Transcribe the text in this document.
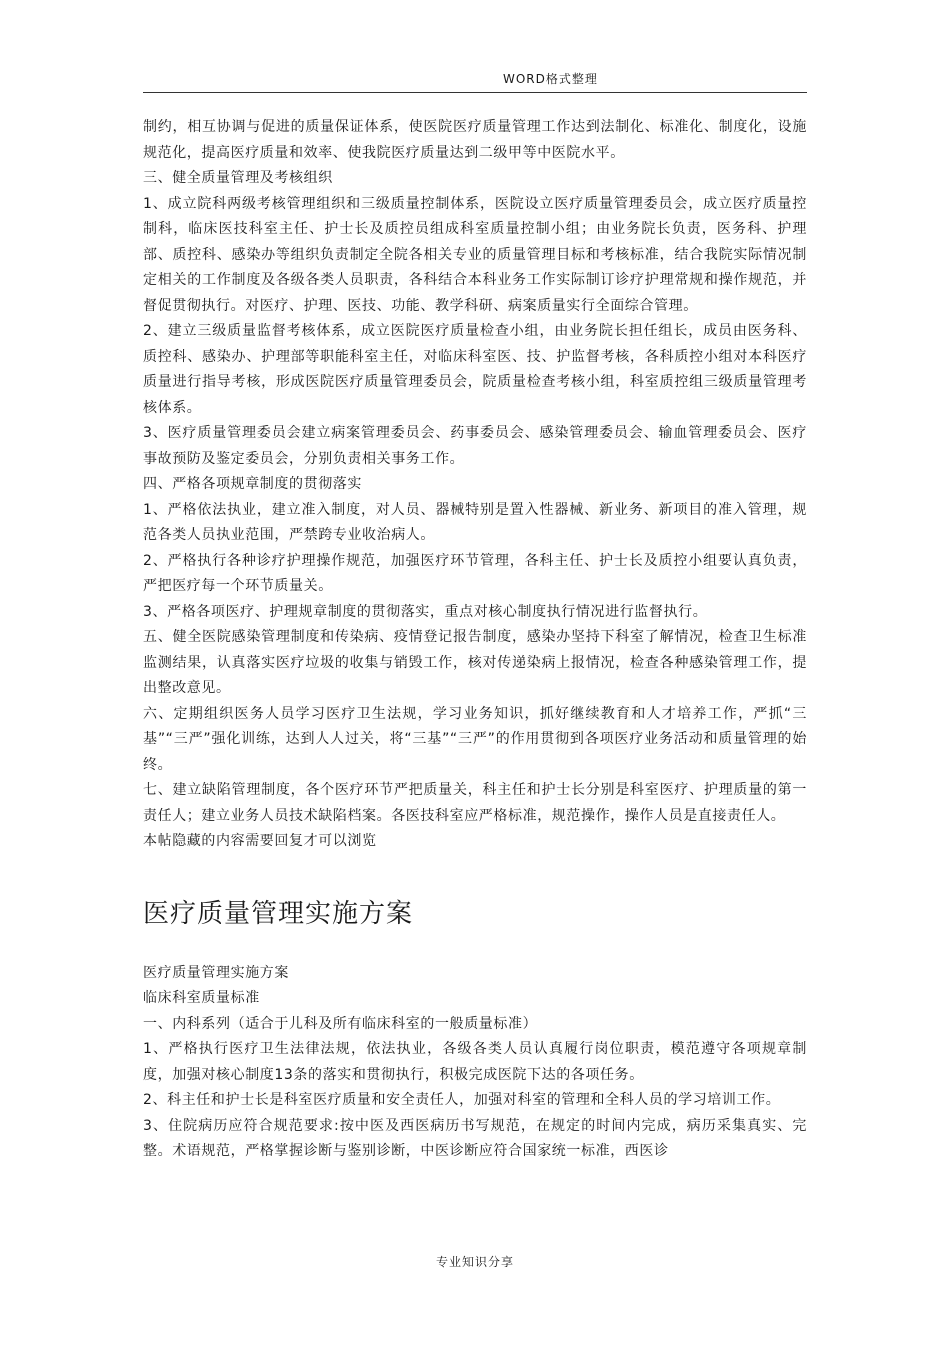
WORD格式整理

制约，相互协调与促进的质量保证体系，使医院医疗质量管理工作达到法制化、标准化、制度化，设施规范化，提高医疗质量和效率、使我院医疗质量达到二级甲等中医院水平。

三、健全质量管理及考核组织

1、成立院科两级考核管理组织和三级质量控制体系，医院设立医疗质量管理委员会，成立医疗质量控制科，临床医技科室主任、护士长及质控员组成科室质量控制小组；由业务院长负责，医务科、护理部、质控科、感染办等组织负责制定全院各相关专业的质量管理目标和考核标准，结合我院实际情况制定相关的工作制度及各级各类人员职责，各科结合本科业务工作实际制订诊疗护理常规和操作规范，并督促贯彻执行。对医疗、护理、医技、功能、教学科研、病案质量实行全面综合管理。

2、建立三级质量监督考核体系，成立医院医疗质量检查小组，由业务院长担任组长，成员由医务科、质控科、感染办、护理部等职能科室主任，对临床科室医、技、护监督考核，各科质控小组对本科医疗质量进行指导考核，形成医院医疗质量管理委员会，院质量检查考核小组，科室质控组三级质量管理考核体系。

3、医疗质量管理委员会建立病案管理委员会、药事委员会、感染管理委员会、输血管理委员会、医疗事故预防及鉴定委员会，分别负责相关事务工作。

四、严格各项规章制度的贯彻落实

1、严格依法执业，建立准入制度，对人员、器械特别是置入性器械、新业务、新项目的准入管理，规范各类人员执业范围，严禁跨专业收治病人。

2、严格执行各种诊疗护理操作规范，加强医疗环节管理，各科主任、护士长及质控小组要认真负责，严把医疗每一个环节质量关。

3、严格各项医疗、护理规章制度的贯彻落实，重点对核心制度执行情况进行监督执行。

五、健全医院感染管理制度和传染病、疫情登记报告制度，感染办坚持下科室了解情况，检查卫生标准监测结果，认真落实医疗垃圾的收集与销毁工作，核对传递染病上报情况，检查各种感染管理工作，提出整改意见。

六、定期组织医务人员学习医疗卫生法规，学习业务知识，抓好继续教育和人才培养工作，严抓“三基”“三严”强化训练，达到人人过关，将“三基”“三严”的作用贯彻到各项医疗业务活动和质量管理的始终。

七、建立缺陷管理制度，各个医疗环节严把质量关，科主任和护士长分别是科室医疗、护理质量的第一责任人；建立业务人员技术缺陷档案。各医技科室应严格标准，规范操作，操作人员是直接责任人。

本帖隐藏的内容需要回复才可以浏览

医疗质量管理实施方案

医疗质量管理实施方案

临床科室质量标准

一、内科系列（适合于儿科及所有临床科室的一般质量标准）

1、严格执行医疗卫生法律法规，依法执业，各级各类人员认真履行岗位职责，模范遵守各项规章制度，加强对核心制度13条的落实和贯彻执行，积极完成医院下达的各项任务。

2、科主任和护士长是科室医疗质量和安全责任人，加强对科室的管理和全科人员的学习培训工作。

3、住院病历应符合规范要求:按中医及西医病历书写规范，在规定的时间内完成，病历采集真实、完整。术语规范，严格掌握诊断与鉴别诊断，中医诊断应符合国家统一标准，西医诊

专业知识分享
